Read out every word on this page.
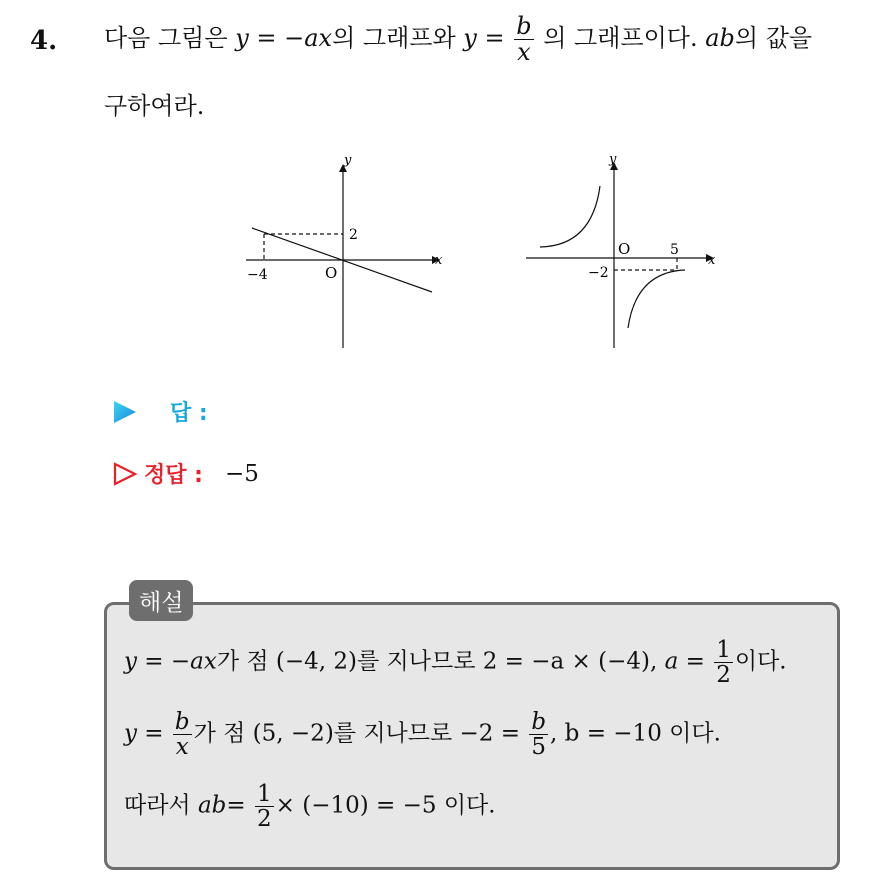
4. 다음 그림은 y = −ax의 그래프와 $y = \frac{b}{x}$ 의 그래프이다. ab의 값을
구하여라.
y
x
O
−4
2
y
x
O	5
−2
답 :
정답 : −5
해설
y = −ax가 점 (−4, 2)를 지나므로 2 = −a × (−4), $a = \frac{1}{2}$ 이다.
$y = \frac{b}{x}$ 가 점 (5, −2)를 지나므로 $-2 = \frac{b}{5}$ , b = −10 이다.
따라서 $ab= \frac{1}{2} \times (-10) = -5$ 이다.
